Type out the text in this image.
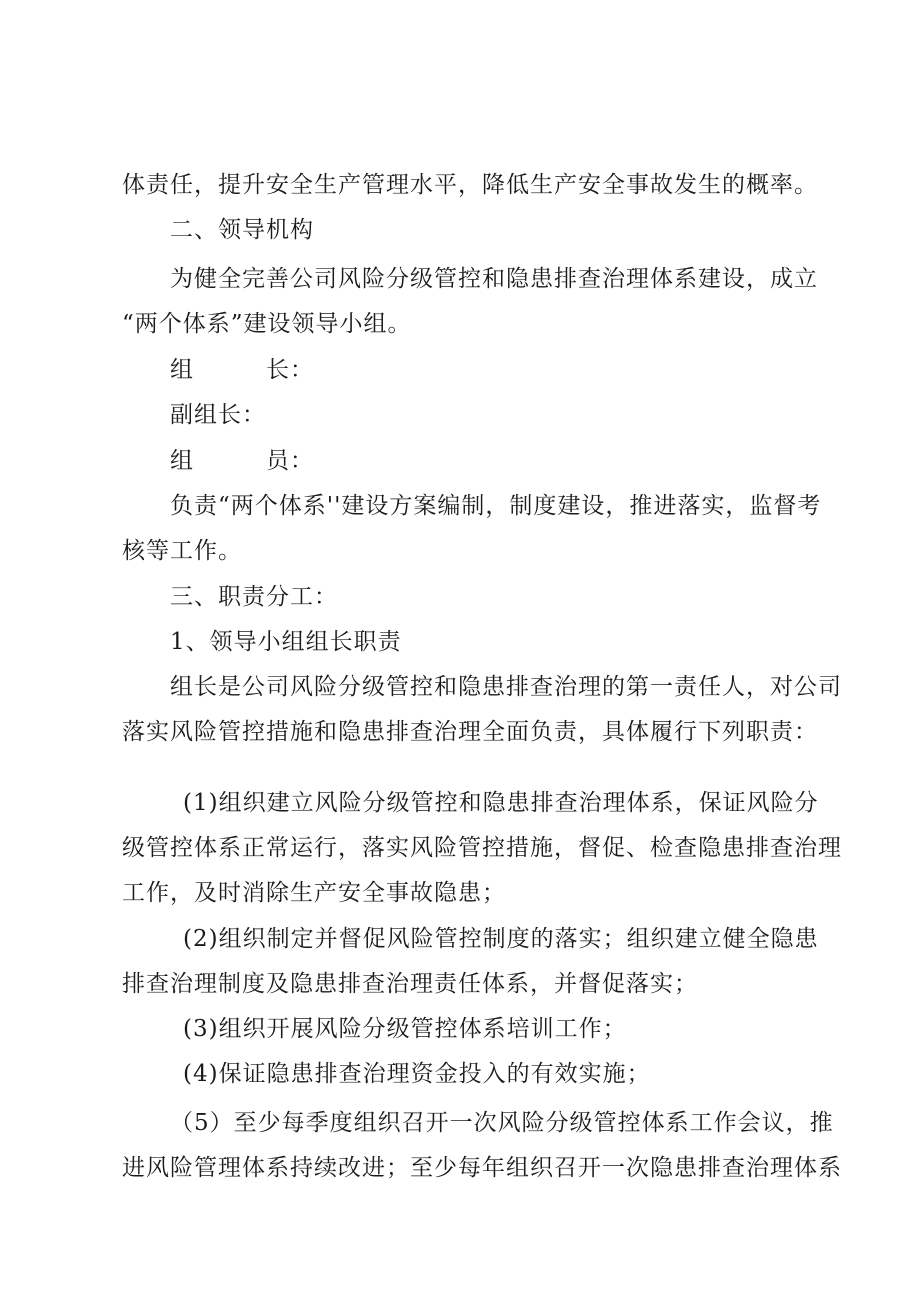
体责任，提升安全生产管理水平，降低生产安全事故发生的概率。
二、领导机构
为健全完善公司风险分级管控和隐患排查治理体系建设，成立
“两个体系”建设领导小组。
组	长：
副组长：
组	员：
负责“两个体系''建设方案编制，制度建设，推进落实，监督考
核等工作。
三、职责分工：
1、领导小组组长职责
组长是公司风险分级管控和隐患排查治理的第一责任人，对公司
落实风险管控措施和隐患排查治理全面负责，具体履行下列职责：
(1)组织建立风险分级管控和隐患排查治理体系，保证风险分
级管控体系正常运行，落实风险管控措施，督促、检查隐患排查治理
工作，及时消除生产安全事故隐患；
(2)组织制定并督促风险管控制度的落实；组织建立健全隐患
排查治理制度及隐患排查治理责任体系，并督促落实；
(3)组织开展风险分级管控体系培训工作；
(4)保证隐患排查治理资金投入的有效实施；
（5）至少每季度组织召开一次风险分级管控体系工作会议，推
进风险管理体系持续改进；至少每年组织召开一次隐患排查治理体系
